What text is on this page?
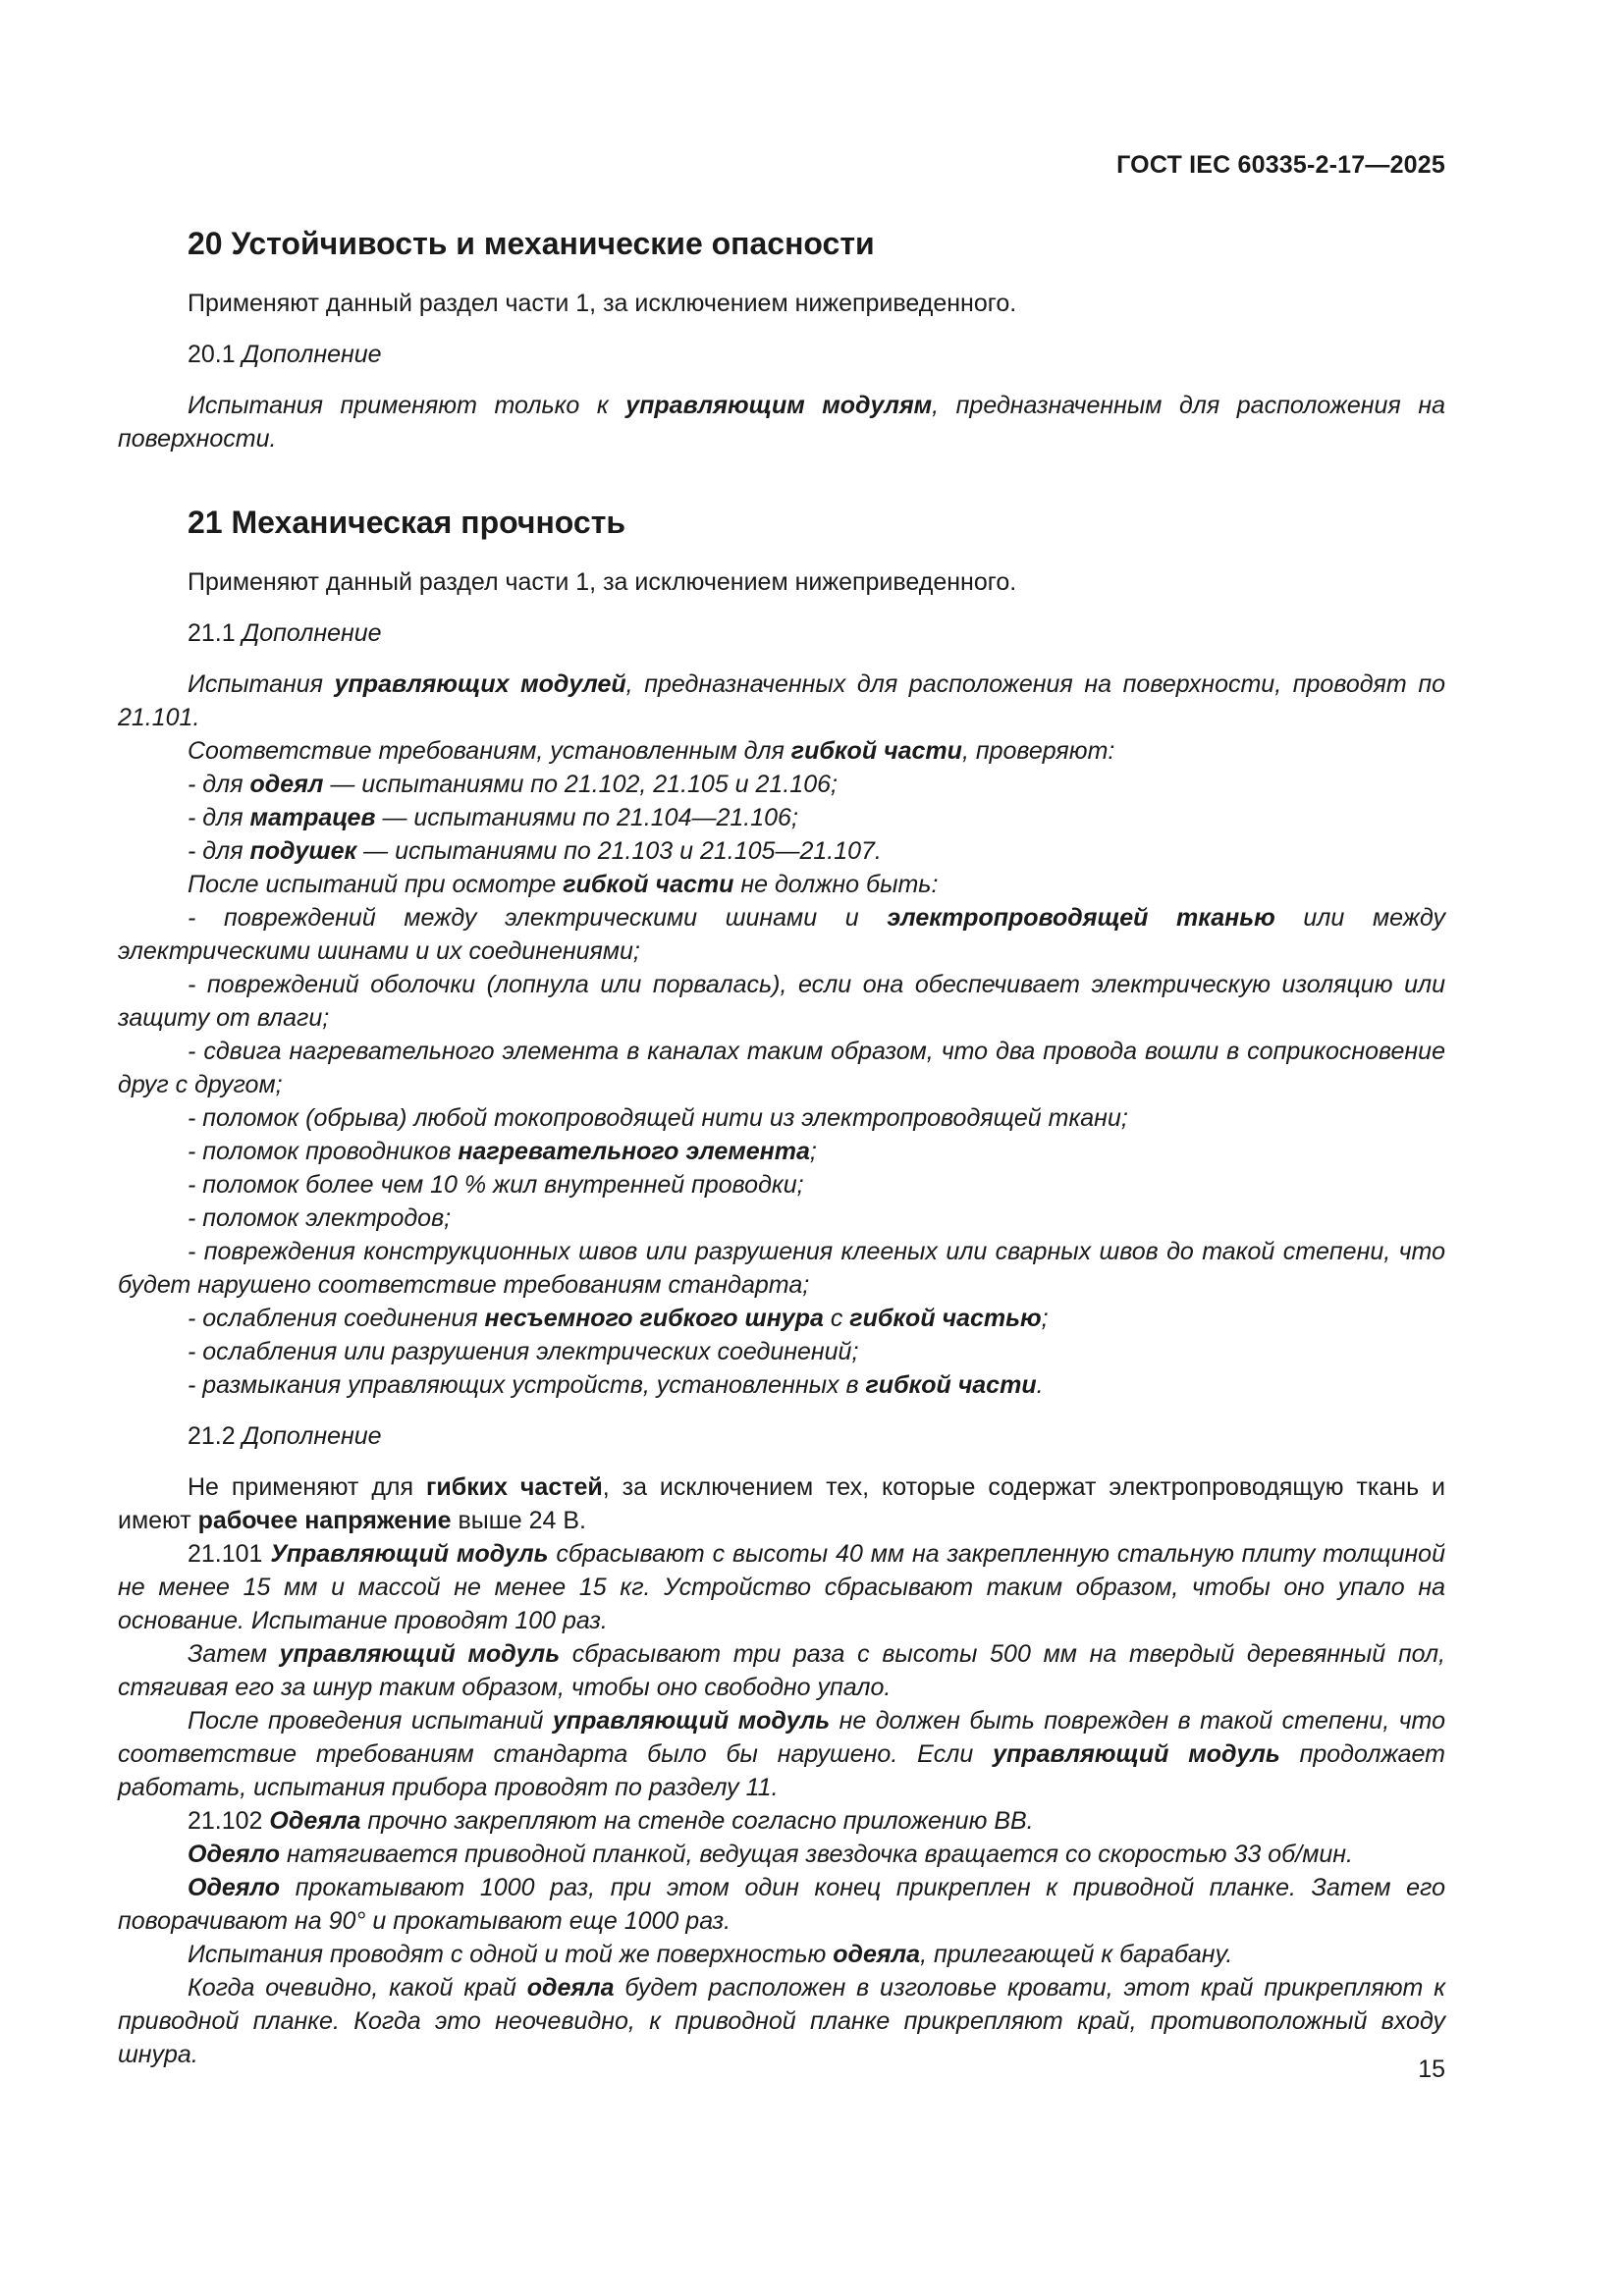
ГОСТ IEC 60335-2-17—2025
20 Устойчивость и механические опасности

Применяют данный раздел части 1, за исключением нижеприведенного.

20.1 Дополнение

Испытания применяют только к управляющим модулям, предназначенным для расположения на поверхности.

21 Механическая прочность

Применяют данный раздел части 1, за исключением нижеприведенного.

21.1 Дополнение

Испытания управляющих модулей, предназначенных для расположения на поверхности, проводят по 21.101.

Соответствие требованиям, установленным для гибкой части, проверяют:

- для одеял — испытаниями по 21.102, 21.105 и 21.106;

- для матрацев — испытаниями по 21.104—21.106;

- для подушек — испытаниями по 21.103 и 21.105—21.107.

После испытаний при осмотре гибкой части не должно быть:

- повреждений между электрическими шинами и электропроводящей тканью или между электрическими шинами и их соединениями;

- повреждений оболочки (лопнула или порвалась), если она обеспечивает электрическую изоляцию или защиту от влаги;

- сдвига нагревательного элемента в каналах таким образом, что два провода вошли в соприкосновение друг с другом;

- поломок (обрыва) любой токопроводящей нити из электропроводящей ткани;

- поломок проводников нагревательного элемента;

- поломок более чем 10 % жил внутренней проводки;

- поломок электродов;

- повреждения конструкционных швов или разрушения клееных или сварных швов до такой степени, что будет нарушено соответствие требованиям стандарта;

- ослабления соединения несъемного гибкого шнура с гибкой частью;

- ослабления или разрушения электрических соединений;

- размыкания управляющих устройств, установленных в гибкой части.

21.2 Дополнение

Не применяют для гибких частей, за исключением тех, которые содержат электропроводящую ткань и имеют рабочее напряжение выше 24 В.

21.101 Управляющий модуль сбрасывают с высоты 40 мм на закрепленную стальную плиту толщиной не менее 15 мм и массой не менее 15 кг. Устройство сбрасывают таким образом, чтобы оно упало на основание. Испытание проводят 100 раз.

Затем управляющий модуль сбрасывают три раза с высоты 500 мм на твердый деревянный пол, стягивая его за шнур таким образом, чтобы оно свободно упало.

После проведения испытаний управляющий модуль не должен быть поврежден в такой степени, что соответствие требованиям стандарта было бы нарушено. Если управляющий модуль продолжает работать, испытания прибора проводят по разделу 11.

21.102 Одеяла прочно закрепляют на стенде согласно приложению ВВ.

Одеяло натягивается приводной планкой, ведущая звездочка вращается со скоростью 33 об/мин.

Одеяло прокатывают 1000 раз, при этом один конец прикреплен к приводной планке. Затем его поворачивают на 90° и прокатывают еще 1000 раз.

Испытания проводят с одной и той же поверхностью одеяла, прилегающей к барабану.

Когда очевидно, какой край одеяла будет расположен в изголовье кровати, этот край прикрепляют к приводной планке. Когда это неочевидно, к приводной планке прикрепляют край, противоположный входу шнура.

15
